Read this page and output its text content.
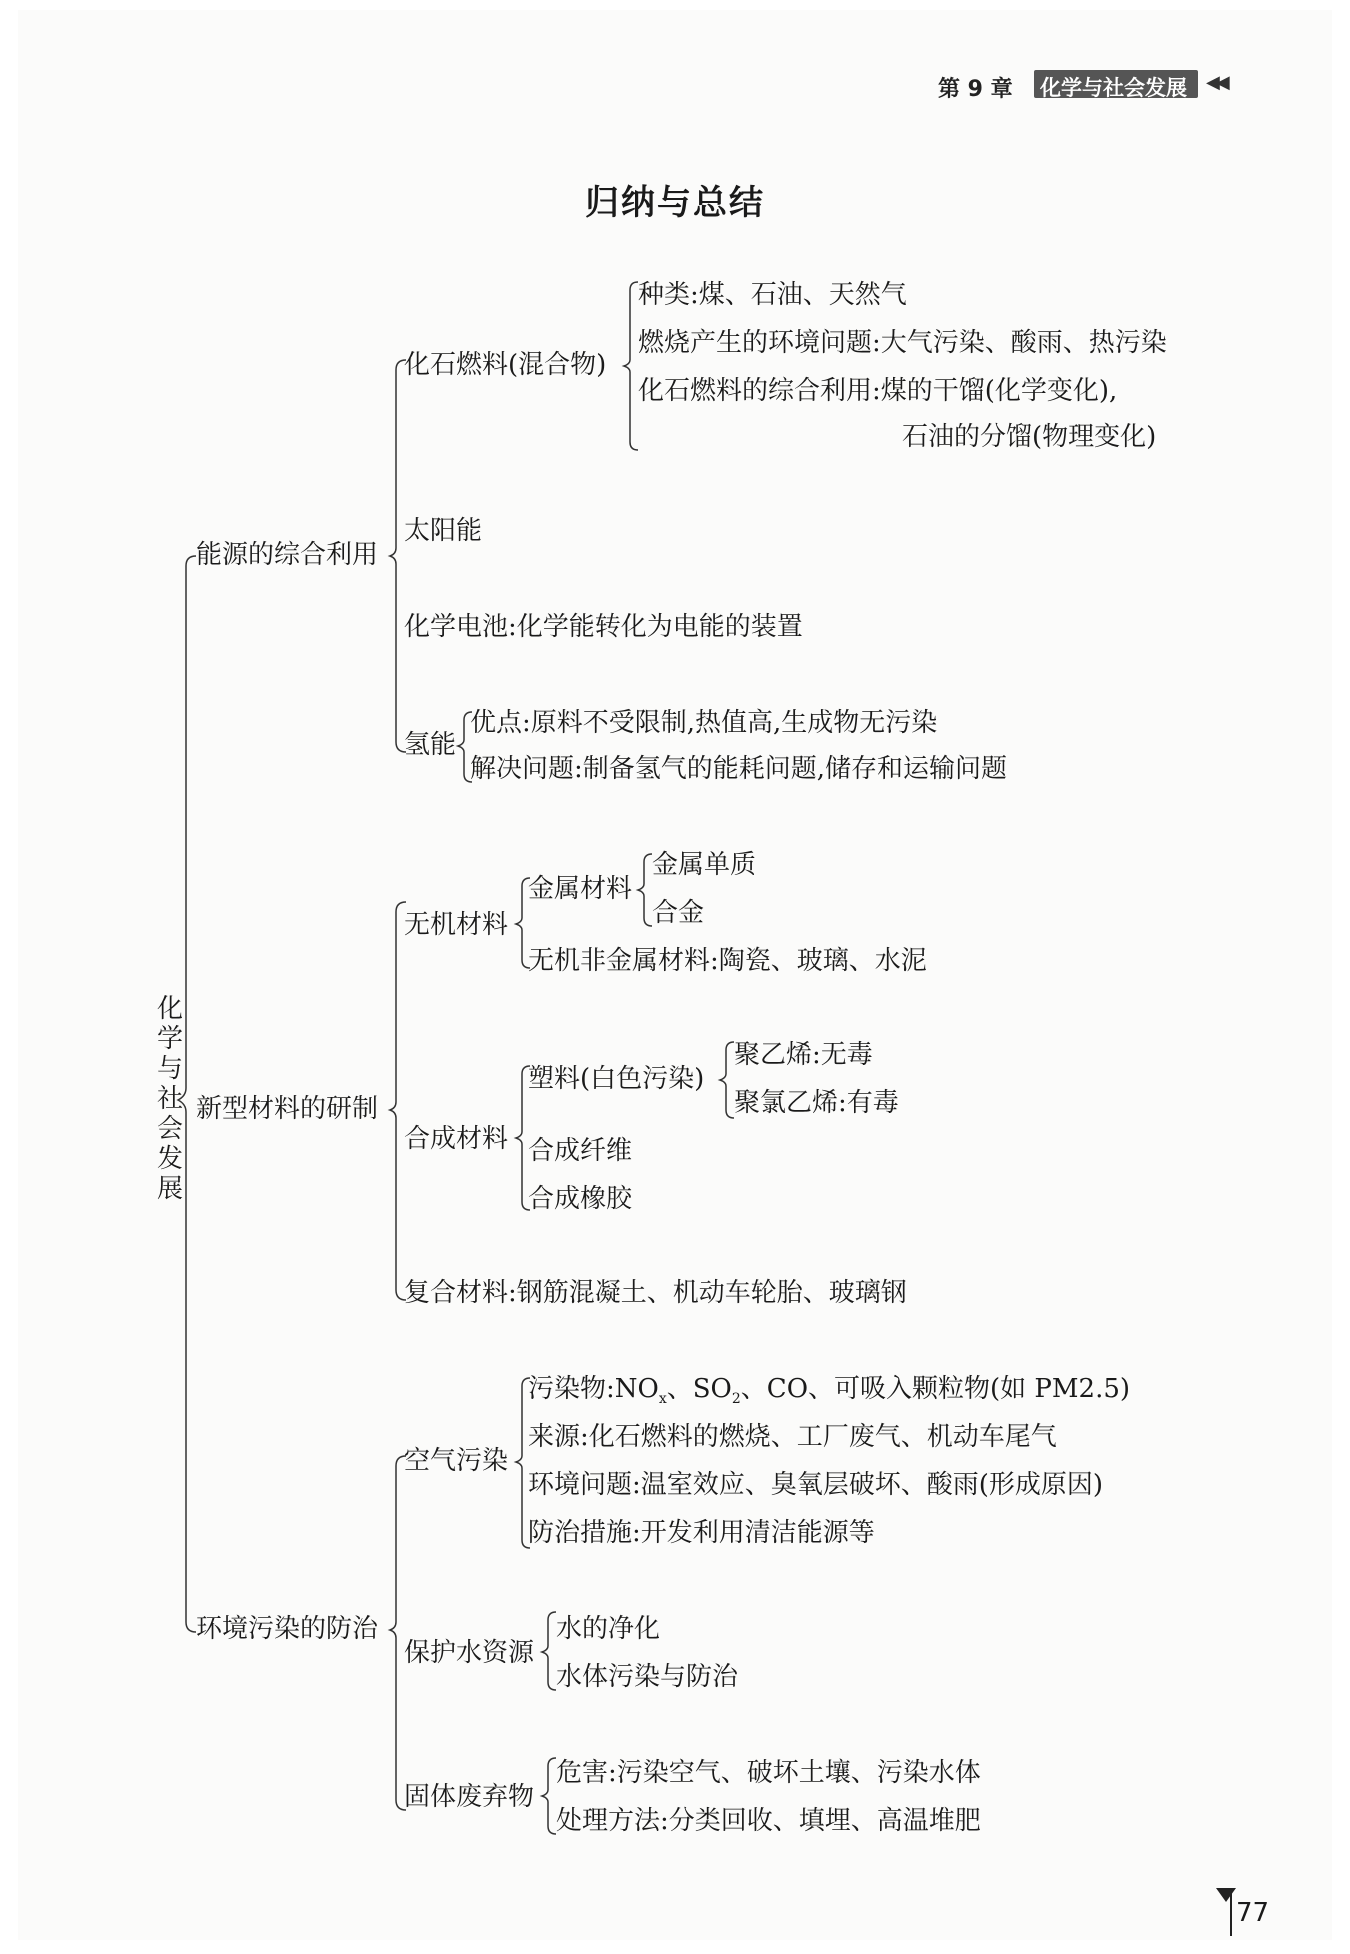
第 9 章 化学与社会发展 ◀◀
归纳与总结
化
学
与
社
会
发
展
能源的综合利用
化石燃料(混合物)
种类:煤、石油、天然气
燃烧产生的环境问题:大气污染、酸雨、热污染
化石燃料的综合利用:煤的干馏(化学变化),
石油的分馏(物理变化)
太阳能
化学电池:化学能转化为电能的装置
氢能
优点:原料不受限制,热值高,生成物无污染
解决问题:制备氢气的能耗问题,储存和运输问题
新型材料的研制
无机材料
金属材料
金属单质
合金
无机非金属材料:陶瓷、玻璃、水泥
合成材料
塑料(白色污染)
聚乙烯:无毒
聚氯乙烯:有毒
合成纤维
合成橡胶
复合材料:钢筋混凝土、机动车轮胎、玻璃钢
环境污染的防治
空气污染
污染物$:NO_x$、$SO_2$、CO、可吸入颗粒物(如 PM2.5)
来源:化石燃料的燃烧、工厂废气、机动车尾气
环境问题:温室效应、臭氧层破坏、酸雨(形成原因)
防治措施:开发利用清洁能源等
保护水资源
水的净化
水体污染与防治
固体废弃物
危害:污染空气、破坏土壤、污染水体
处理方法:分类回收、填埋、高温堆肥
77
